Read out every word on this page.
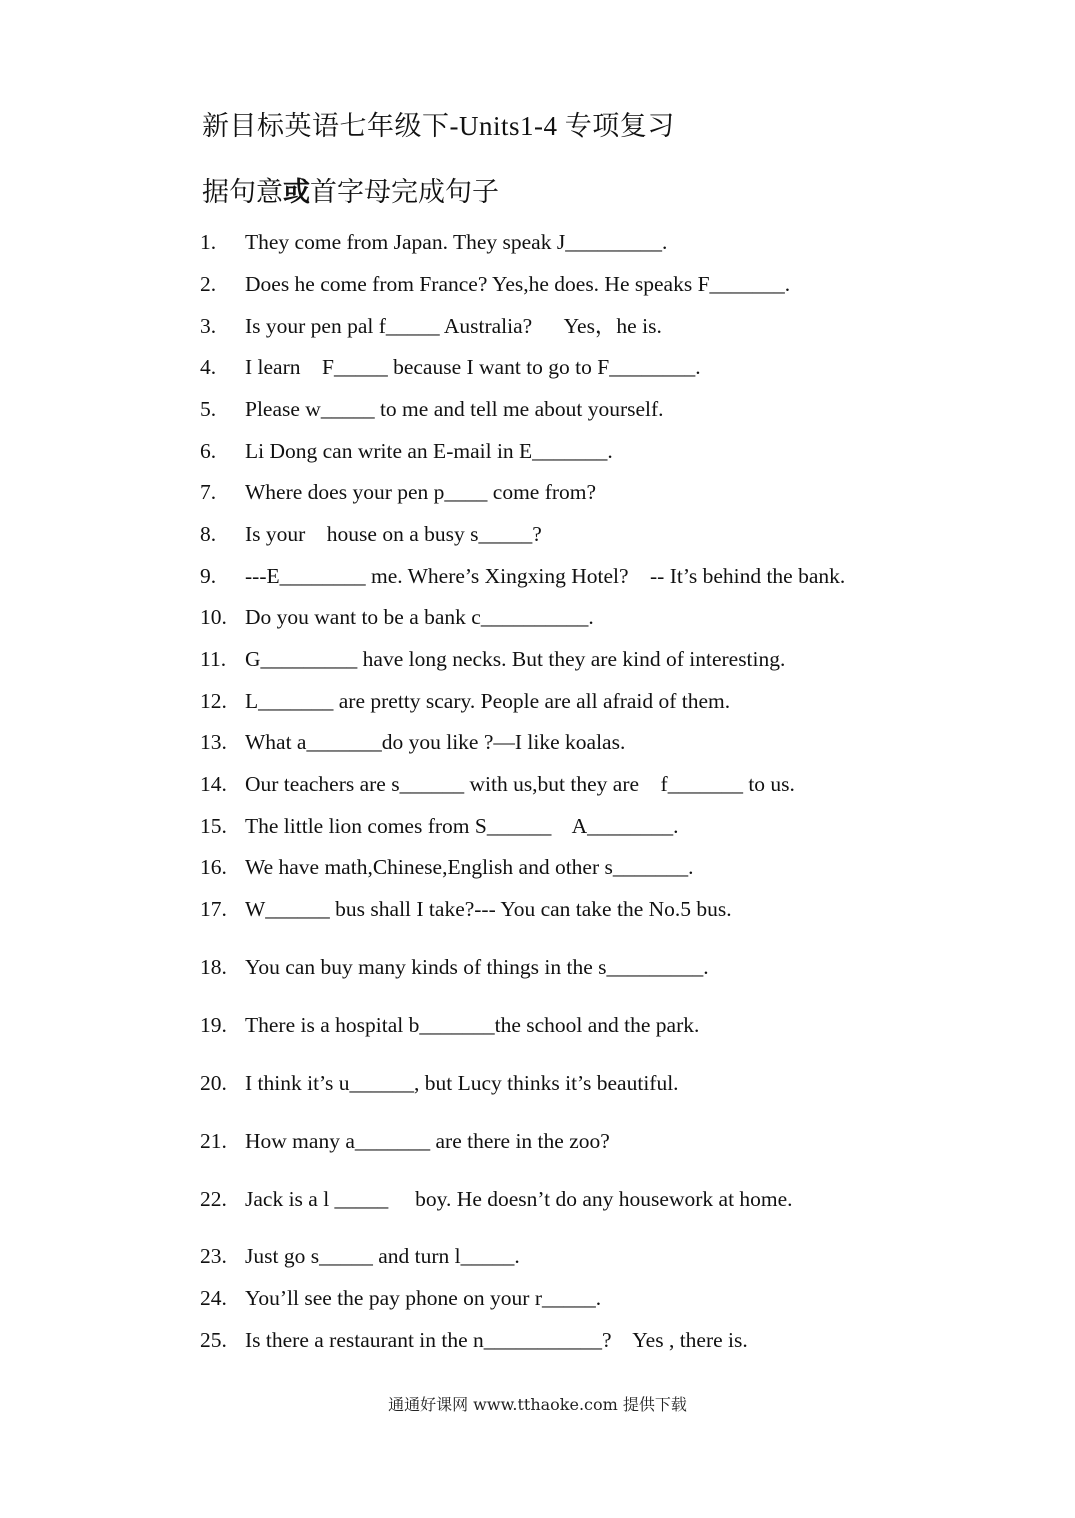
新目标英语七年级下-Units1-4 专项复习
据句意或首字母完成句子
1. They come from Japan. They speak J_________.
2. Does he come from France? Yes,he does. He speaks F_______.
3. Is your pen pal f_____ Australia?      Yes，he is.
4. I learn    F_____ because I want to go to F________.
5. Please w_____ to me and tell me about yourself.
6. Li Dong can write an E-mail in E_______.
7. Where does your pen p____ come from?
8. Is your    house on a busy s_____?
9. ---E________ me. Where’s Xingxing Hotel?    -- It’s behind the bank.
10. Do you want to be a bank c__________.
11. G_________ have long necks. But they are kind of interesting.
12. L_______ are pretty scary. People are all afraid of them.
13. What a_______do you like ?—I like koalas.
14. Our teachers are s______ with us,but they are    f_______ to us.
15. The little lion comes from S______    A________.
16. We have math,Chinese,English and other s_______.
17. W______ bus shall I take?--- You can take the No.5 bus.
18. You can buy many kinds of things in the s_________.
19. There is a hospital b_______the school and the park.
20. I think it’s u______, but Lucy thinks it’s beautiful.
21. How many a_______ are there in the zoo?
22. Jack is a l _____     boy. He doesn’t do any housework at home.
23. Just go s_____ and turn l_____.
24. You’ll see the pay phone on your r_____.
25. Is there a restaurant in the n___________?    Yes , there is.
通通好课网 www.tthaoke.com 提供下载
